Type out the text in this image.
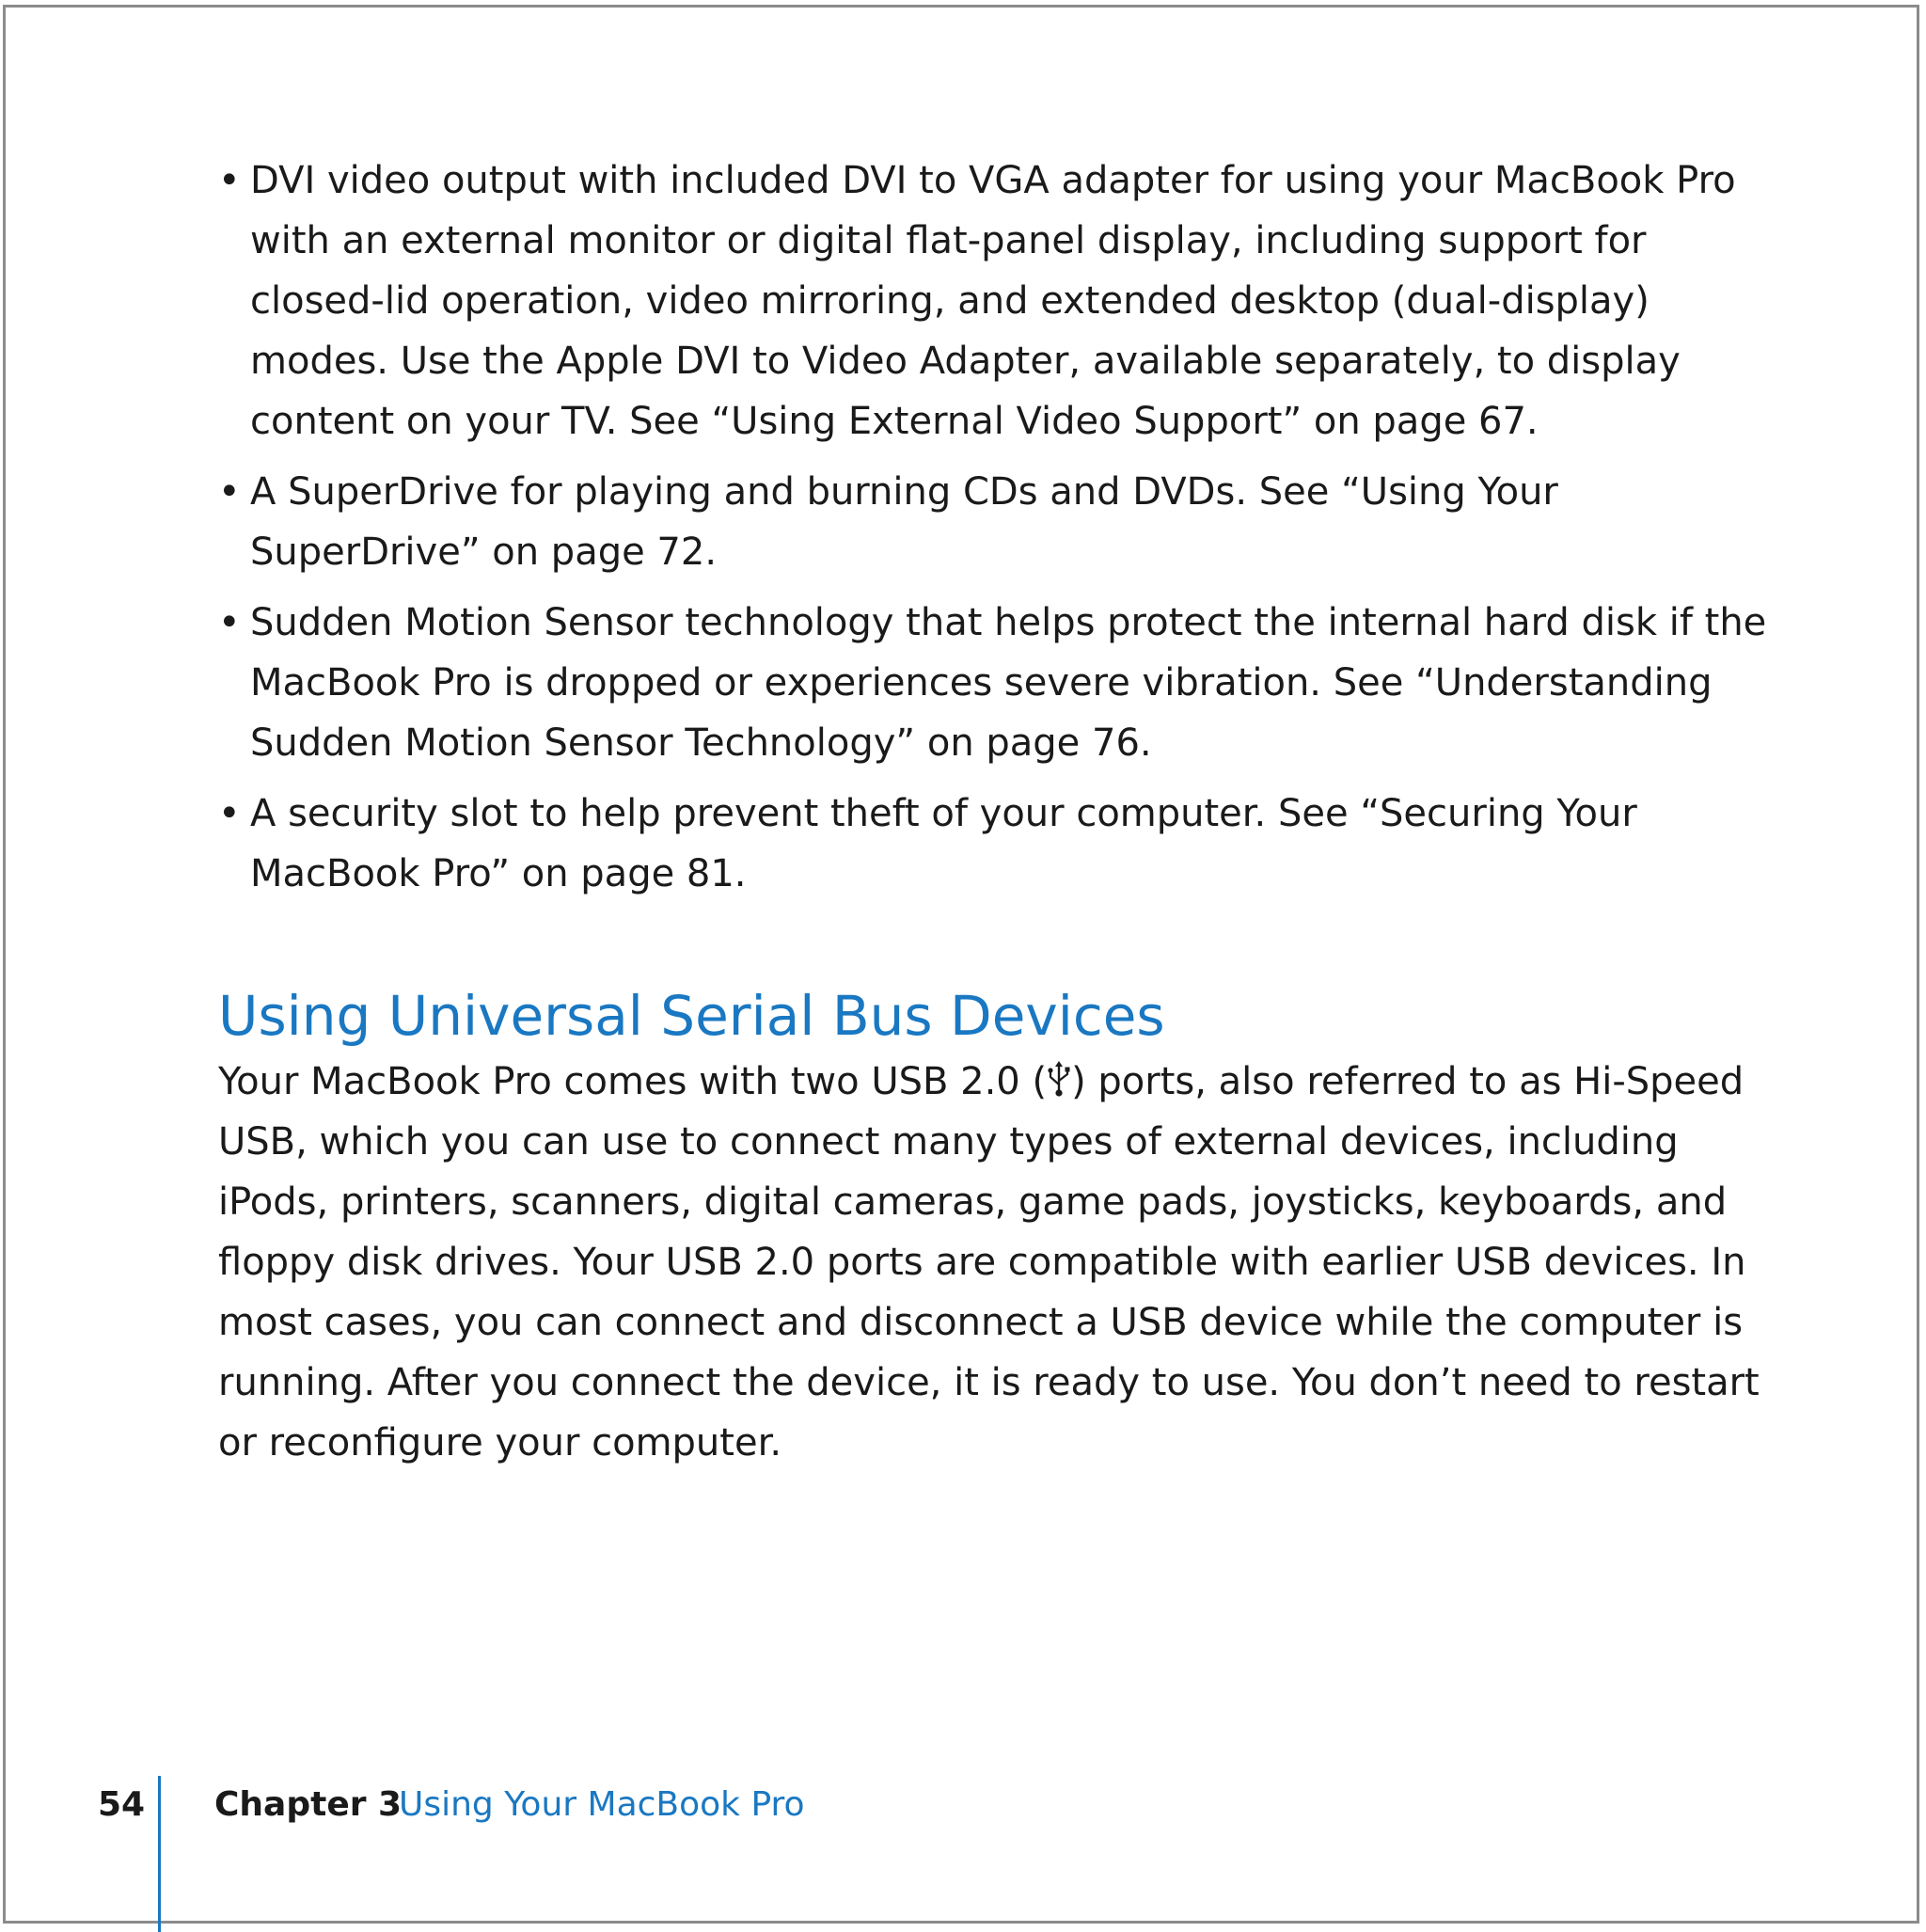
• DVI video output with included DVI to VGA adapter for using your MacBook Pro with an external monitor or digital flat-panel display, including support for closed-lid operation, video mirroring, and extended desktop (dual-display) modes. Use the Apple DVI to Video Adapter, available separately, to display content on your TV. See “Using External Video Support” on page 67.
• A SuperDrive for playing and burning CDs and DVDs. See “Using Your SuperDrive” on page 72.
• Sudden Motion Sensor technology that helps protect the internal hard disk if the MacBook Pro is dropped or experiences severe vibration. See “Understanding Sudden Motion Sensor Technology” on page 76.
• A security slot to help prevent theft of your computer. See “Securing Your MacBook Pro” on page 81.
Using Universal Serial Bus Devices

Your MacBook Pro comes with two USB 2.0 ( ) ports, also referred to as Hi-Speed USB, which you can use to connect many types of external devices, including iPods, printers, scanners, digital cameras, game pads, joysticks, keyboards, and floppy disk drives. Your USB 2.0 ports are compatible with earlier USB devices. In most cases, you can connect and disconnect a USB device while the computer is running. After you connect the device, it is ready to use. You don’t need to restart or reconfigure your computer.

54 Chapter 3
Using Your MacBook Pro
